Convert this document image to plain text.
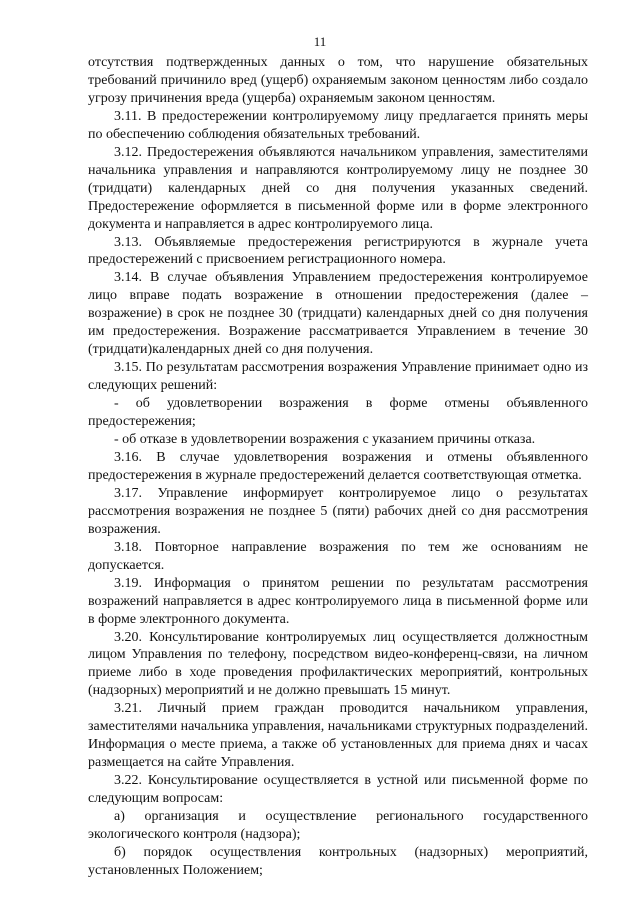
11

отсутствия подтвержденных данных о том, что нарушение обязательных требований причинило вред (ущерб) охраняемым законом ценностям либо создало угрозу причинения вреда (ущерба) охраняемым законом ценностям.

3.11. В предостережении контролируемому лицу предлагается принять меры по обеспечению соблюдения обязательных требований.

3.12. Предостережения объявляются начальником управления, заместителями начальника управления и направляются контролируемому лицу не позднее 30 (тридцати) календарных дней со дня получения указанных сведений. Предостережение оформляется в письменной форме или в форме электронного документа и направляется в адрес контролируемого лица.

3.13. Объявляемые предостережения регистрируются в журнале учета предостережений с присвоением регистрационного номера.

3.14. В случае объявления Управлением предостережения контролируемое лицо вправе подать возражение в отношении предостережения (далее – возражение) в срок не позднее 30 (тридцати) календарных дней со дня получения им предостережения. Возражение рассматривается Управлением в течение 30 (тридцати)календарных дней со дня получения.

3.15. По результатам рассмотрения возражения Управление принимает одно из следующих решений:

- об удовлетворении возражения в форме отмены объявленного предостережения;

- об отказе в удовлетворении возражения с указанием причины отказа.

3.16. В случае удовлетворения возражения и отмены объявленного предостережения в журнале предостережений делается соответствующая отметка.

3.17. Управление информирует контролируемое лицо о результатах рассмотрения возражения не позднее 5 (пяти) рабочих дней со дня рассмотрения возражения.

3.18. Повторное направление возражения по тем же основаниям не допускается.

3.19. Информация о принятом решении по результатам рассмотрения возражений направляется в адрес контролируемого лица в письменной форме или в форме электронного документа.

3.20. Консультирование контролируемых лиц осуществляется должностным лицом Управления по телефону, посредством видео-конференц-связи, на личном приеме либо в ходе проведения профилактических мероприятий, контрольных (надзорных) мероприятий и не должно превышать 15 минут.

3.21. Личный прием граждан проводится начальником управления, заместителями начальника управления, начальниками структурных подразделений. Информация о месте приема, а также об установленных для приема днях и часах размещается на сайте Управления.

3.22. Консультирование осуществляется в устной или письменной форме по следующим вопросам:

а) организация и осуществление регионального государственного экологического контроля (надзора);

б) порядок осуществления контрольных (надзорных) мероприятий, установленных Положением;
